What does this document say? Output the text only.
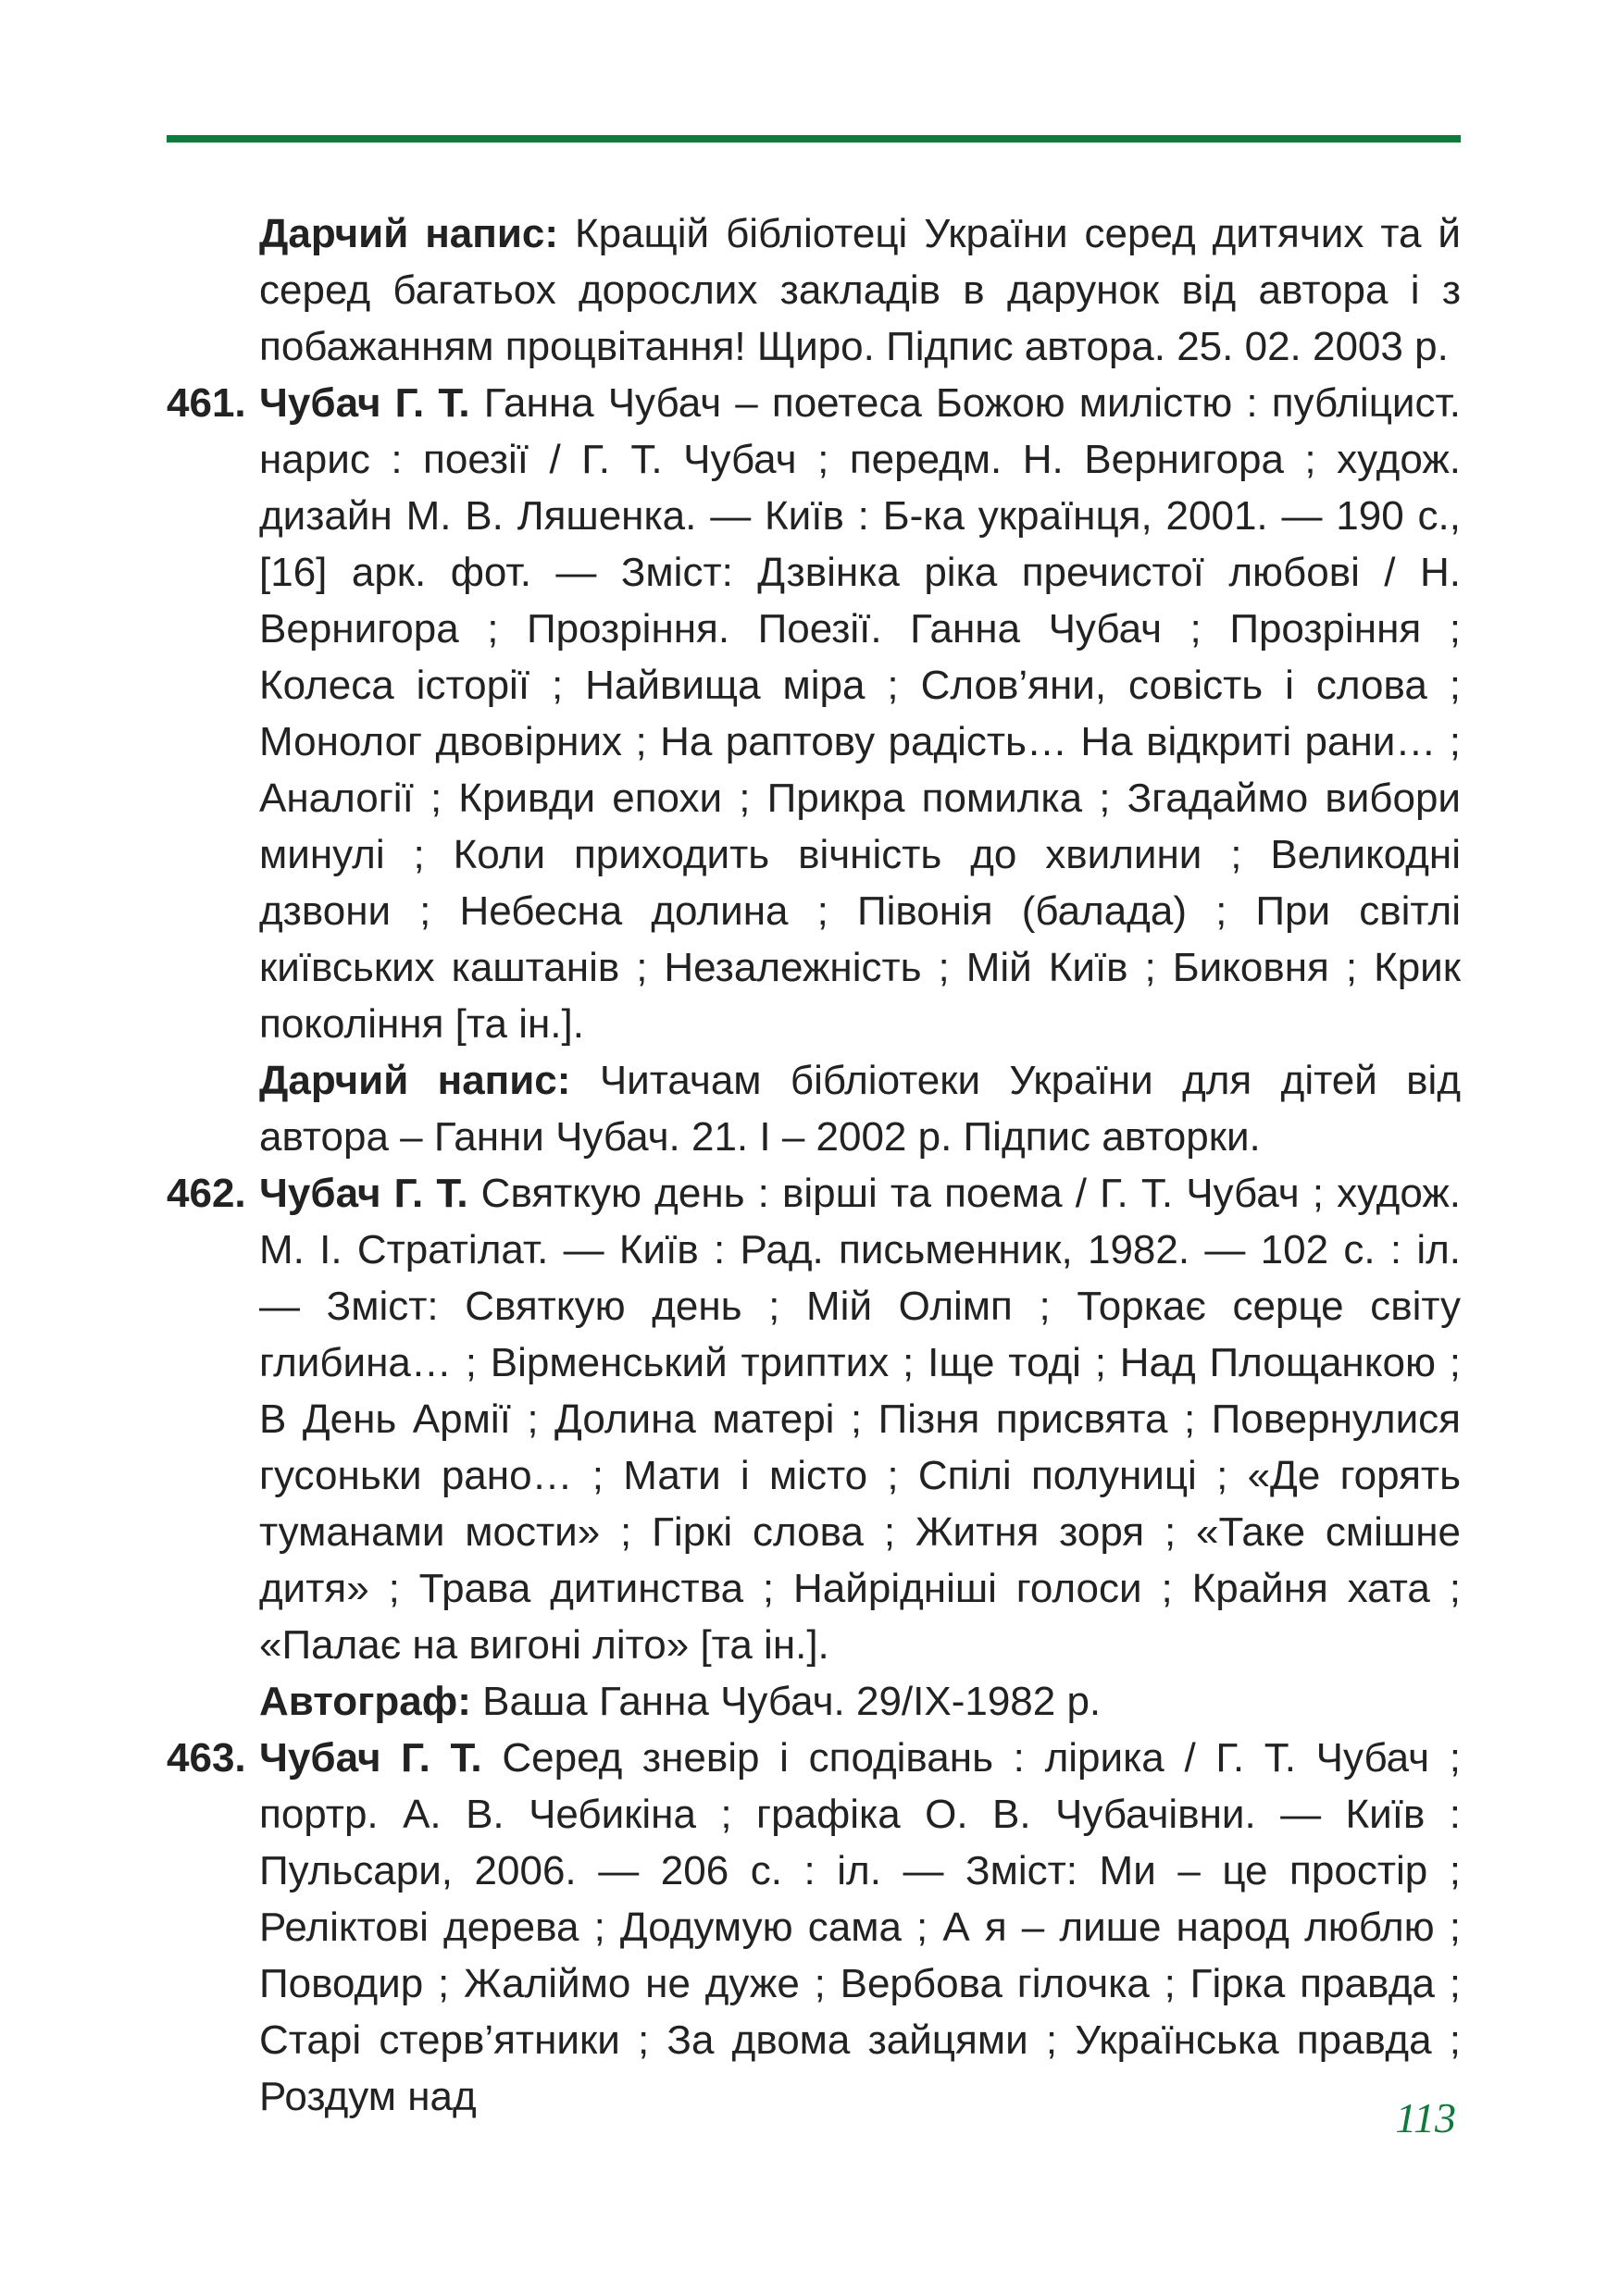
Дарчий напис: Кращій бібліотеці України серед дитячих та й серед багатьох дорослих закладів в дарунок від автора і з побажанням процвітання! Щиро. Підпис автора. 25. 02. 2003 р.

461. Чубач Г. Т. Ганна Чубач – поетеса Божою милістю : публіцист. нарис : поезії / Г. Т. Чубач ; передм. Н. Вернигора ; худож. дизайн М. В. Ляшенка. — Київ : Б-ка українця, 2001. — 190 с., [16] арк. фот. — Зміст: Дзвінка ріка пречистої любові / Н. Вернигора ; Прозріння. Поезії. Ганна Чубач ; Прозріння ; Колеса історії ; Найвища міра ; Слов’яни, совість і слова ; Монолог двовірних ; На раптову радість… На відкриті рани… ; Аналогії ; Кривди епохи ; Прикра помилка ; Згадаймо вибори минулі ; Коли приходить вічність до хвилини ; Великодні дзвони ; Небесна долина ; Півонія (балада) ; При світлі київських каштанів ; Незалежність ; Мій Київ ; Биковня ; Крик покоління [та ін.].

Дарчий напис: Читачам бібліотеки України для дітей від автора – Ганни Чубач. 21. І – 2002 р. Підпис авторки.

462. Чубач Г. Т. Святкую день : вірші та поема / Г. Т. Чубач ; худож. М. І. Стратілат. — Київ : Рад. письменник, 1982. — 102 с. : іл. — Зміст: Святкую день ; Мій Олімп ; Торкає серце світу глибина… ; Вірменський триптих ; Іще тоді ; Над Площанкою ; В День Армії ; Долина матері ; Пізня присвята ; Повернулися гусоньки рано… ; Мати і місто ; Спілі полуниці ; «Де горять туманами мости» ; Гіркі слова ; Житня зоря ; «Таке смішне дитя» ; Трава дитинства ; Найрідніші голоси ; Крайня хата ; «Палає на вигоні літо» [та ін.].

Автограф: Ваша Ганна Чубач. 29/ІХ-1982 р.

463. Чубач Г. Т. Серед зневір і сподівань : лірика / Г. Т. Чубач ; портр. А. В. Чебикіна ; графіка О. В. Чубачівни. — Київ : Пульсари, 2006. — 206 с. : іл. — Зміст: Ми – це простір ; Реліктові дерева ; Додумую сама ; А я – лише народ люблю ; Поводир ; Жаліймо не дуже ; Вербова гілочка ; Гірка правда ; Старі стерв’ятники ; За двома зайцями ; Українська правда ; Роздум над	113
